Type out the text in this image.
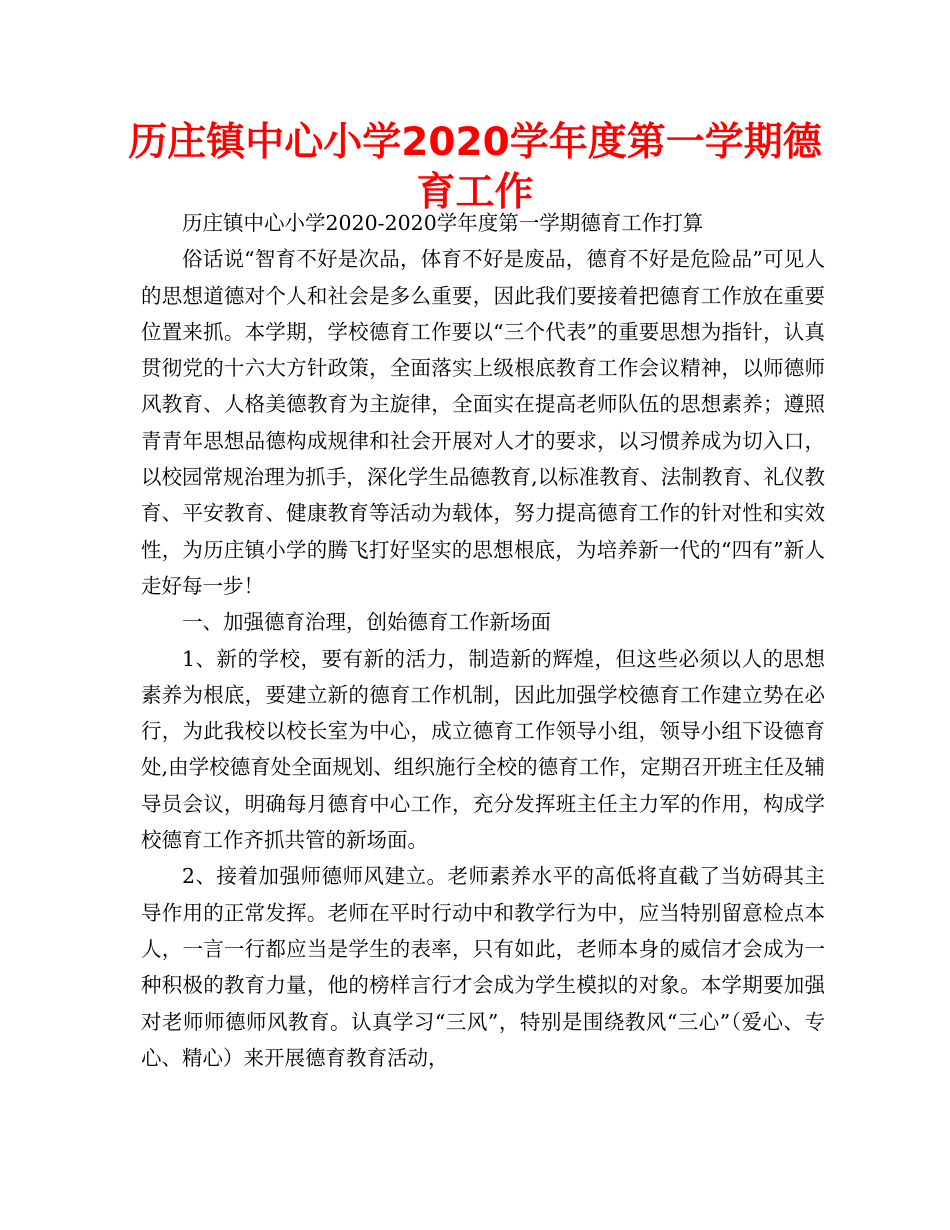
历庄镇中心小学2020学年度第一学期德育工作

历庄镇中心小学2020-2020学年度第一学期德育工作打算

俗话说“智育不好是次品，体育不好是废品，德育不好是危险品”可见人的思想道德对个人和社会是多么重要，因此我们要接着把德育工作放在重要位置来抓。本学期，学校德育工作要以“三个代表”的重要思想为指针，认真贯彻党的十六大方针政策，全面落实上级根底教育工作会议精神，以师德师风教育、人格美德教育为主旋律，全面实在提高老师队伍的思想素养；遵照青青年思想品德构成规律和社会开展对人才的要求，以习惯养成为切入口，以校园常规治理为抓手，深化学生品德教育,以标准教育、法制教育、礼仪教育、平安教育、健康教育等活动为载体，努力提高德育工作的针对性和实效性，为历庄镇小学的腾飞打好坚实的思想根底，为培养新一代的“四有”新人走好每一步！

一、加强德育治理，创始德育工作新场面

1、新的学校，要有新的活力，制造新的辉煌，但这些必须以人的思想素养为根底，要建立新的德育工作机制，因此加强学校德育工作建立势在必行，为此我校以校长室为中心，成立德育工作领导小组，领导小组下设德育处,由学校德育处全面规划、组织施行全校的德育工作，定期召开班主任及辅导员会议，明确每月德育中心工作，充分发挥班主任主力军的作用，构成学校德育工作齐抓共管的新场面。

2、接着加强师德师风建立。老师素养水平的高低将直截了当妨碍其主导作用的正常发挥。老师在平时行动中和教学行为中，应当特别留意检点本人，一言一行都应当是学生的表率，只有如此，老师本身的威信才会成为一种积极的教育力量，他的榜样言行才会成为学生模拟的对象。本学期要加强对老师师德师风教育。认真学习“三风”，特别是围绕教风“三心”（爱心、专心、精心）来开展德育教育活动，
